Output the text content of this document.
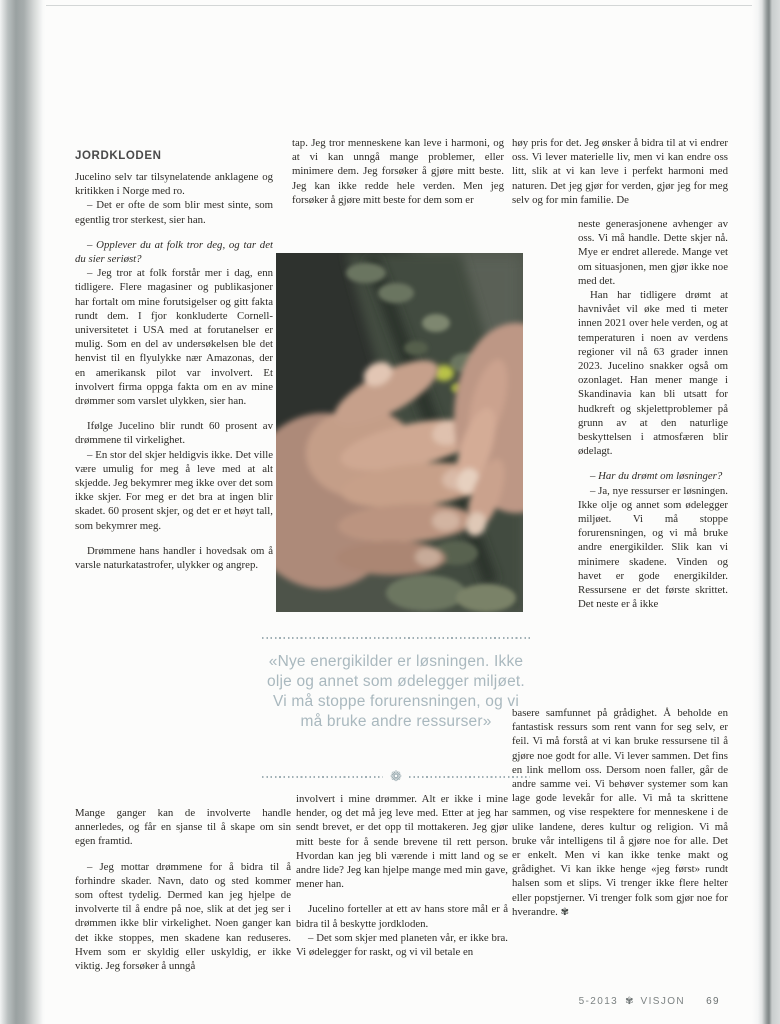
JORDKLODEN

Jucelino selv tar tilsynelatende anklagene og kritikken i Norge med ro.

– Det er ofte de som blir mest sinte, som egentlig tror sterkest, sier han.

– Opplever du at folk tror deg, og tar det du sier seriøst?

– Jeg tror at folk forstår mer i dag, enn tidligere. Flere magasiner og publikasjoner har fortalt om mine forutsigelser og gitt fakta rundt dem. I fjor konkluderte Cornell-universitetet i USA med at forutanelser er mulig. Som en del av undersøkelsen ble det henvist til en flyulykke nær Amazonas, der en amerikansk pilot var involvert. Et involvert firma oppga fakta om en av mine drømmer som varslet ulykken, sier han.

Ifølge Jucelino blir rundt 60 prosent av drømmene til virkelighet.

– En stor del skjer heldigvis ikke. Det ville være umulig for meg å leve med at alt skjedde. Jeg bekymrer meg ikke over det som ikke skjer. For meg er det bra at ingen blir skadet. 60 prosent skjer, og det er et høyt tall, som bekymrer meg.

Drømmene hans handler i hovedsak om å varsle naturkatastrofer, ulykker og angrep.

Mange ganger kan de involverte handle annerledes, og får en sjanse til å skape om sin egen framtid.

– Jeg mottar drømmene for å bidra til å forhindre skader. Navn, dato og sted kommer som oftest tydelig. Dermed kan jeg hjelpe de involverte til å endre på noe, slik at det jeg ser i drømmen ikke blir virkelighet. Noen ganger kan det ikke stoppes, men skadene kan reduseres. Hvem som er skyldig eller uskyldig, er ikke viktig. Jeg forsøker å unngå

tap. Jeg tror menneskene kan leve i harmoni, og at vi kan unngå mange problemer, eller minimere dem. Jeg forsøker å gjøre mitt beste. Jeg kan ikke redde hele verden. Men jeg forsøker å gjøre mitt beste for dem som er

«Nye energikilder er løsningen. Ikke olje og annet som ødelegger miljøet. Vi må stoppe forurensningen, og vi må bruke andre ressurser»
❁

involvert i mine drømmer. Alt er ikke i mine hender, og det må jeg leve med. Etter at jeg har sendt brevet, er det opp til mottakeren. Jeg gjør mitt beste for å sende brevene til rett person. Hvordan kan jeg bli værende i mitt land og se andre lide? Jeg kan hjelpe mange med min gave, mener han.

Jucelino forteller at ett av hans store mål er å bidra til å beskytte jordkloden.

– Det som skjer med planeten vår, er ikke bra. Vi ødelegger for raskt, og vi vil betale en

høy pris for det. Jeg ønsker å bidra til at vi endrer oss. Vi lever materielle liv, men vi kan endre oss litt, slik at vi kan leve i perfekt harmoni med naturen. Det jeg gjør for verden, gjør jeg for meg selv og for min familie. De

neste generasjonene avhenger av oss. Vi må handle. Dette skjer nå. Mye er endret allerede. Mange vet om situasjonen, men gjør ikke noe med det.

Han har tidligere drømt at havnivået vil øke med ti meter innen 2021 over hele verden, og at temperaturen i noen av verdens regioner vil nå 63 grader innen 2023. Jucelino snakker også om ozonlaget. Han mener mange i Skandinavia kan bli utsatt for hudkreft og skjelettproblemer på grunn av at den naturlige beskyttelsen i atmosfæren blir ødelagt.

– Har du drømt om løsninger?

– Ja, nye ressurser er løsningen. Ikke olje og annet som ødelegger miljøet. Vi må stoppe forurensningen, og vi må bruke andre energikilder. Slik kan vi minimere skadene. Vinden og havet er gode energikilder. Ressursene er det første skrittet. Det neste er å ikke

basere samfunnet på grådighet. Å beholde en fantastisk ressurs som rent vann for seg selv, er feil. Vi må forstå at vi kan bruke ressursene til å gjøre noe godt for alle. Vi lever sammen. Det fins en link mellom oss. Dersom noen faller, går de andre samme vei. Vi behøver systemer som kan lage gode levekår for alle. Vi må ta skrittene sammen, og vise respektere for menneskene i de ulike landene, deres kultur og religion. Vi må bruke vår intelligens til å gjøre noe for alle. Det er enkelt. Men vi kan ikke tenke makt og grådighet. Vi kan ikke henge «jeg først» rundt halsen som et slips. Vi trenger ikke flere helter eller popstjerner. Vi trenger folk som gjør noe for hverandre. ✾

5-2013 ✾ VISJON 69
